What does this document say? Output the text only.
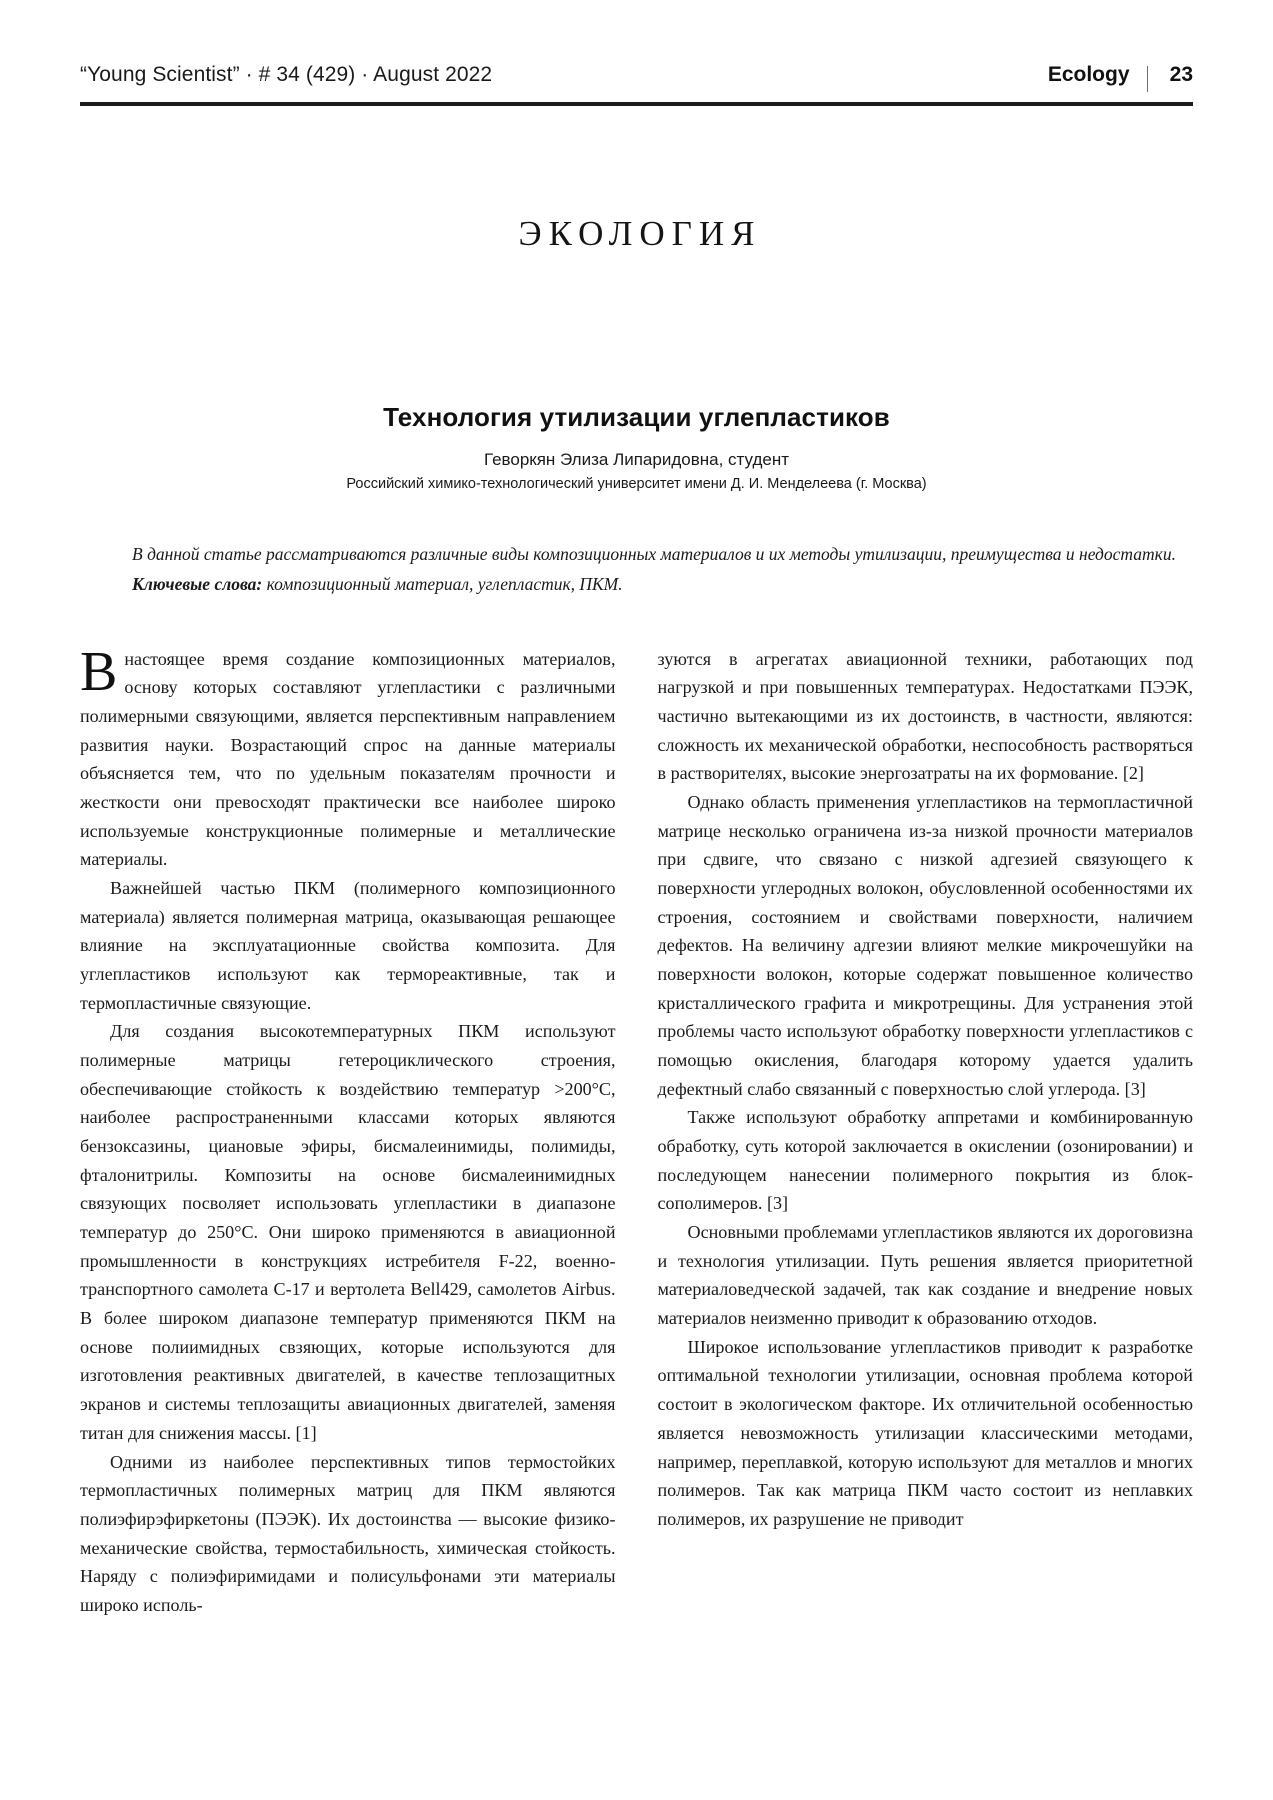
“Young Scientist” · # 34 (429) · August 2022	Ecology	23
ЭКОЛОГИЯ
Технология утилизации углепластиков
Геворкян Элиза Липаридовна, студент
Российский химико-технологический университет имени Д. И. Менделеева (г. Москва)
В данной статье рассматриваются различные виды композиционных материалов и их методы утилизации, преимущества и недостатки.
Ключевые слова: композиционный материал, углепластик, ПКМ.

В настоящее время создание композиционных материалов, основу которых составляют углепластики с различными полимерными связующими, является перспективным направлением развития науки. Возрастающий спрос на данные материалы объясняется тем, что по удельным показателям прочности и жесткости они превосходят практически все наиболее широко используемые конструкционные полимерные и металлические материалы.

Важнейшей частью ПКМ (полимерного композиционного материала) является полимерная матрица, оказывающая решающее влияние на эксплуатационные свойства композита. Для углепластиков используют как термореактивные, так и термопластичные связующие.

Для создания высокотемпературных ПКМ используют полимерные матрицы гетероциклического строения, обеспечивающие стойкость к воздействию температур >200°С, наиболее распространенными классами которых являются бензоксазины, циановые эфиры, бисмалеинимиды, полимиды, фталонитрилы. Композиты на основе бисмалеинимидных связующих посволяет использовать углепластики в диапазоне температур до 250°С. Они широко применяются в авиационной промышленности в конструкциях истребителя F-22, военно-транспортного самолета C-17 и вертолета Bell429, самолетов Airbus. В более широком диапазоне температур применяются ПКМ на основе полиимидных свзяющих, которые используются для изготовления реактивных двигателей, в качестве теплозащитных экранов и системы теплозащиты авиационных двигателей, заменяя титан для снижения массы. [1]

Одними из наиболее перспективных типов термостойких термопластичных полимерных матриц для ПКМ являются полиэфирэфиркетоны (ПЭЭК). Их достоинства — высокие физико-механические свойства, термостабильность, химическая стойкость. Наряду с полиэфиримидами и полисульфонами эти материалы широко исполь-

зуются в агрегатах авиационной техники, работающих под нагрузкой и при повышенных температурах. Недостатками ПЭЭК, частично вытекающими из их достоинств, в частности, являются: сложность их механической обработки, неспособность растворяться в растворителях, высокие энергозатраты на их формование. [2]

Однако область применения углепластиков на термопластичной матрице несколько ограничена из-за низкой прочности материалов при сдвиге, что связано с низкой адгезией связующего к поверхности углеродных волокон, обусловленной особенностями их строения, состоянием и свойствами поверхности, наличием дефектов. На величину адгезии влияют мелкие микрочешуйки на поверхности волокон, которые содержат повышенное количество кристаллического графита и микротрещины. Для устранения этой проблемы часто используют обработку поверхности углепластиков с помощью окисления, благодаря которому удается удалить дефектный слабо связанный с поверхностью слой углерода. [3]

Также используют обработку аппретами и комбинированную обработку, суть которой заключается в окислении (озонировании) и последующем нанесении полимерного покрытия из блок-сополимеров. [3]

Основными проблемами углепластиков являются их дороговизна и технология утилизации. Путь решения является приоритетной материаловедческой задачей, так как создание и внедрение новых материалов неизменно приводит к образованию отходов.

Широкое использование углепластиков приводит к разработке оптимальной технологии утилизации, основная проблема которой состоит в экологическом факторе. Их отличительной особенностью является невозможность утилизации классическими методами, например, переплавкой, которую используют для металлов и многих полимеров. Так как матрица ПКМ часто состоит из неплавких полимеров, их разрушение не приводит
